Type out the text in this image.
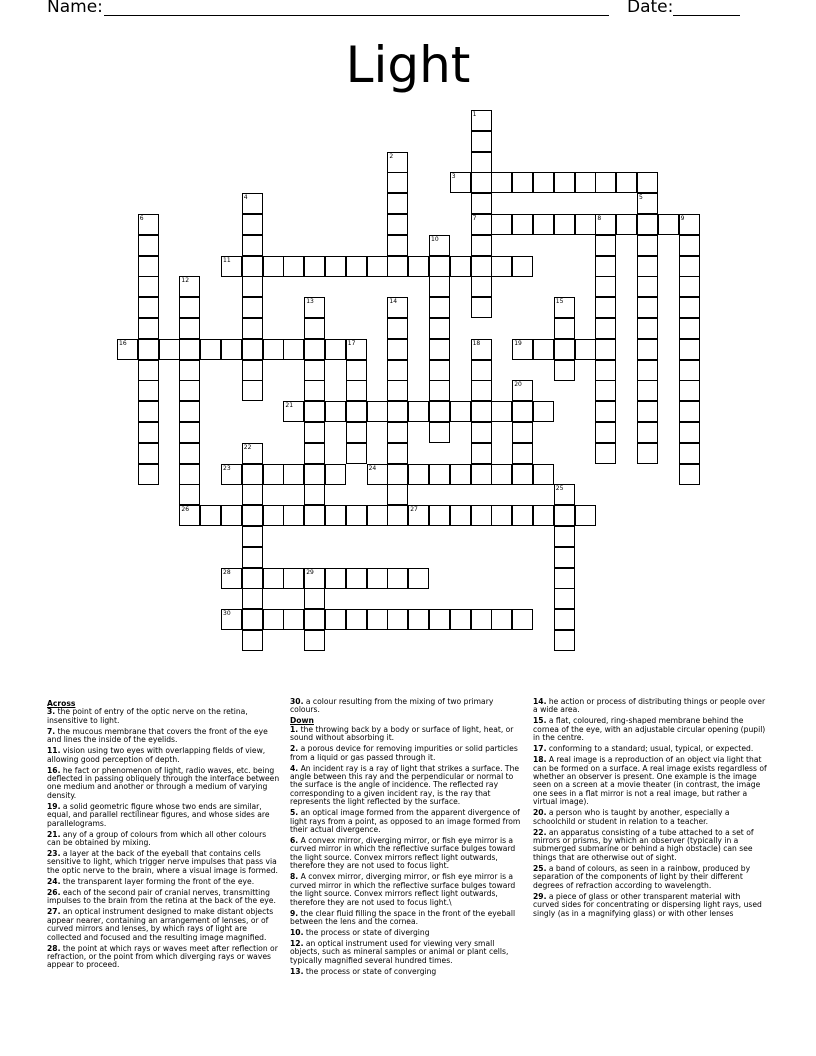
Name:	Date:
Light
1
7
2
3
4	5
6	8	9
10
11
12
26
13	14	15
16	17	18	19
20
21
22
23	24
25
27
28	29
30
Across
3. the point of entry of the optic nerve on the retina, insensitive to light.
7. the mucous membrane that covers the front of the eye and lines the inside of the eyelids.
11. vision using two eyes with overlapping fields of view, allowing good perception of depth.
16. he fact or phenomenon of light, radio waves, etc. being deflected in passing obliquely through the interface between one medium and another or through a medium of varying density.
19. a solid geometric figure whose two ends are similar, equal, and parallel rectilinear figures, and whose sides are parallelograms.
21. any of a group of colours from which all other colours can be obtained by mixing.
23. a layer at the back of the eyeball that contains cells sensitive to light, which trigger nerve impulses that pass via the optic nerve to the brain, where a visual image is formed.
24. the transparent layer forming the front of the eye.
26. each of the second pair of cranial nerves, transmitting impulses to the brain from the retina at the back of the eye.
27. an optical instrument designed to make distant objects appear nearer, containing an arrangement of lenses, or of curved mirrors and lenses, by which rays of light are collected and focused and the resulting image magnified.
28. the point at which rays or waves meet after reflection or refraction, or the point from which diverging rays or waves appear to proceed.
30. a colour resulting from the mixing of two primary colours.
Down
1. the throwing back by a body or surface of light, heat, or sound without absorbing it.
2. a porous device for removing impurities or solid particles from a liquid or gas passed through it.
4. An incident ray is a ray of light that strikes a surface. The angle between this ray and the perpendicular or normal to the surface is the angle of incidence. The reflected ray corresponding to a given incident ray, is the ray that represents the light reflected by the surface.
5. an optical image formed from the apparent divergence of light rays from a point, as opposed to an image formed from their actual divergence.
6. A convex mirror, diverging mirror, or fish eye mirror is a curved mirror in which the reflective surface bulges toward the light source. Convex mirrors reflect light outwards, therefore they are not used to focus light.
8. A convex mirror, diverging mirror, or fish eye mirror is a curved mirror in which the reflective surface bulges toward the light source. Convex mirrors reflect light outwards, therefore they are not used to focus light.\
9. the clear fluid filling the space in the front of the eyeball between the lens and the cornea.
10. the process or state of diverging
12. an optical instrument used for viewing very small objects, such as mineral samples or animal or plant cells, typically magnified several hundred times.
13. the process or state of converging
14. he action or process of distributing things or people over a wide area.
15. a flat, coloured, ring-shaped membrane behind the cornea of the eye, with an adjustable circular opening (pupil) in the centre.
17. conforming to a standard; usual, typical, or expected.
18. A real image is a reproduction of an object via light that can be formed on a surface. A real image exists regardless of whether an observer is present. One example is the image seen on a screen at a movie theater (in contrast, the image one sees in a flat mirror is not a real image, but rather a virtual image).
20. a person who is taught by another, especially a schoolchild or student in relation to a teacher.
22. an apparatus consisting of a tube attached to a set of mirrors or prisms, by which an observer (typically in a submerged submarine or behind a high obstacle) can see things that are otherwise out of sight.
25. a band of colours, as seen in a rainbow, produced by separation of the components of light by their different degrees of refraction according to wavelength.
29. a piece of glass or other transparent material with curved sides for concentrating or dispersing light rays, used singly (as in a magnifying glass) or with other lenses
